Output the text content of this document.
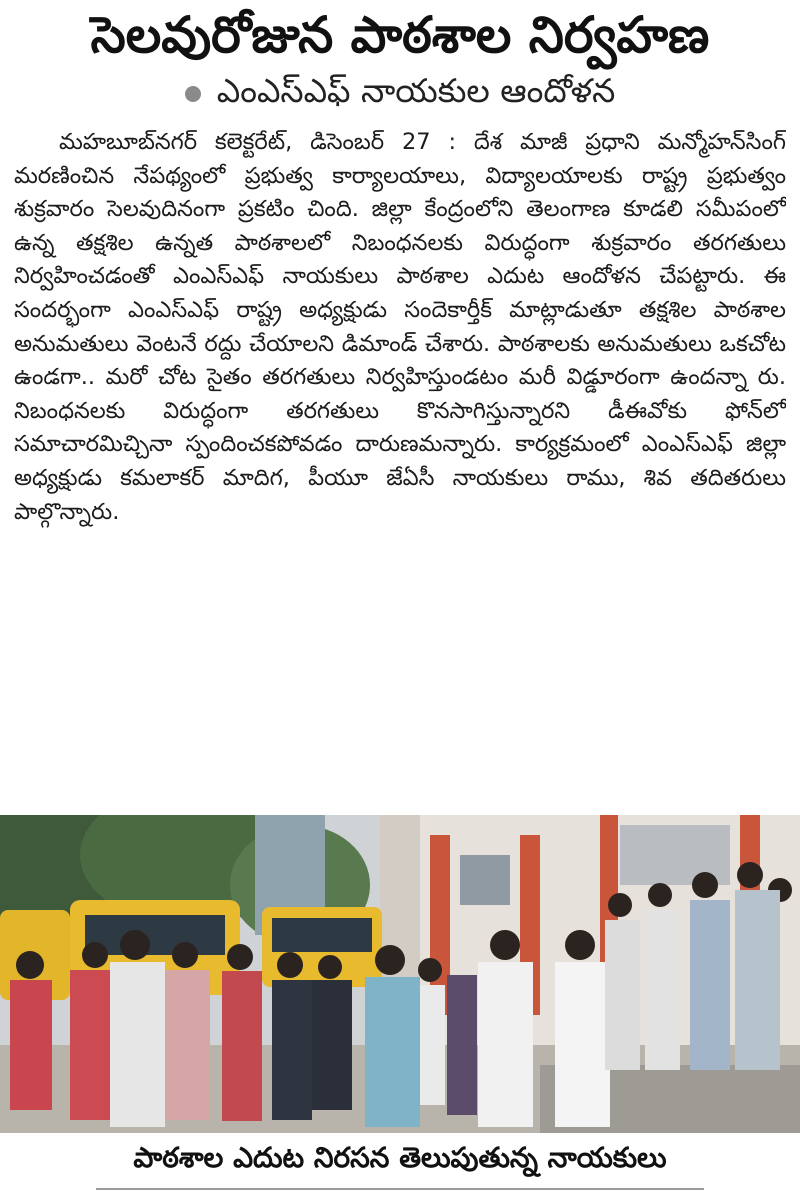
సెలవురోజున పాఠశాల నిర్వహణ
ఎంఎస్ఎఫ్ నాయకుల ఆందోళన

మహబూబ్‌నగర్ కలెక్టరేట్, డిసెంబర్ 27 : దేశ మాజీ ప్రధాని మన్మోహన్‌సింగ్ మరణించిన నేపథ్యంలో ప్రభుత్వ కార్యాలయాలు, విద్యాలయాలకు రాష్ట్ర ప్రభుత్వం శుక్రవారం సెలవుదినంగా ప్రకటిం చింది. జిల్లా కేంద్రంలోని తెలంగాణ కూడలి సమీపంలో ఉన్న తక్షశిల ఉన్నత పాఠశాలలో నిబంధనలకు విరుద్ధంగా శుక్రవారం తరగతులు నిర్వహించడంతో ఎంఎస్ఎఫ్ నాయకులు పాఠశాల ఎదుట ఆందోళన చేపట్టారు. ఈ సందర్భంగా ఎంఎస్ఎఫ్ రాష్ట్ర అధ్యక్షుడు సందెకార్తీక్ మాట్లాడుతూ తక్షశిల పాఠశాల అనుమతులు వెంటనే రద్దు చేయాలని డిమాండ్ చేశారు. పాఠశాలకు అనుమతులు ఒకచోట ఉండగా.. మరో చోట సైతం తరగతులు నిర్వహిస్తుండటం మరీ విడ్డూరంగా ఉందన్నా రు. నిబంధనలకు విరుద్ధంగా తరగతులు కొనసాగిస్తున్నారని డీఈవోకు ఫోన్‌లో సమాచారమిచ్చినా స్పందించకపోవడం దారుణమన్నారు. కార్యక్రమంలో ఎంఎస్ఎఫ్ జిల్లా అధ్యక్షుడు కమలాకర్ మాదిగ, పీయూ జేఏసీ నాయకులు రాము, శివ తదితరులు పాల్గొన్నారు.

పాఠశాల ఎదుట నిరసన తెలుపుతున్న నాయకులు
